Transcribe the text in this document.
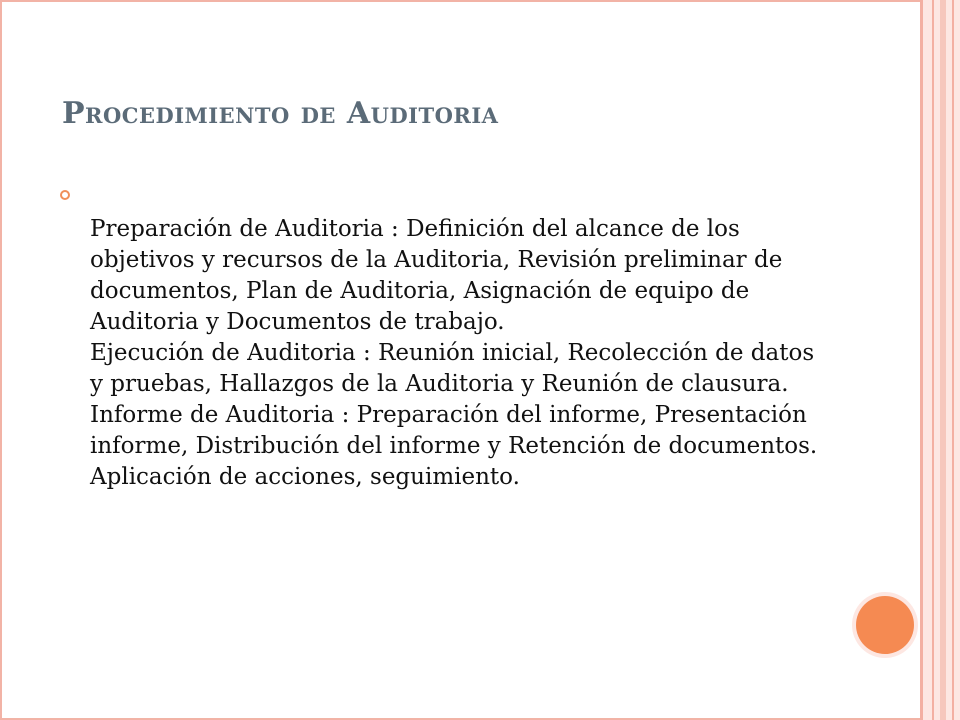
Procedimiento de Auditoria
Preparación de Auditoria : Definición del alcance de los objetivos y recursos de la Auditoria, Revisión preliminar de documentos, Plan de Auditoria, Asignación de equipo de Auditoria y Documentos de trabajo.
Ejecución de Auditoria : Reunión inicial, Recolección de datos y pruebas, Hallazgos de la Auditoria y Reunión de clausura.
Informe de Auditoria : Preparación del informe, Presentación informe, Distribución del informe y Retención de documentos.
Aplicación de acciones, seguimiento.
